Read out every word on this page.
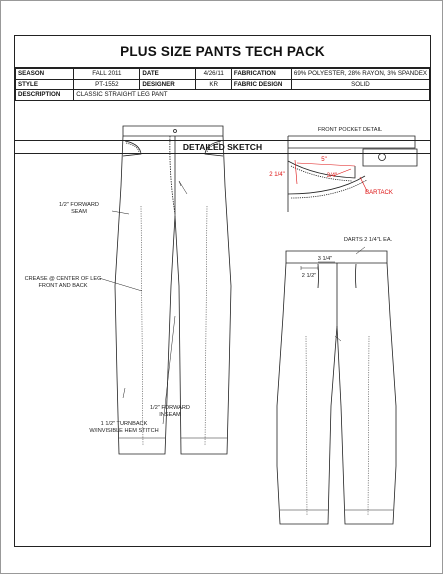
PLUS SIZE PANTS TECH PACK
SEASON	FALL 2011	DATE	4/26/11	FABRICATION	69% POLYESTER, 28% RAYON, 3% SPANDEX
STYLE	PT-1552	DESIGNER	KR	FABRIC DESIGN	SOLID
DESCRIPTION	CLASSIC STRAIGHT LEG PANT				
DETAILED SKETCH
1/2" FORWARD
SEAM
CREASE @ CENTER OF LEG
FRONT AND BACK
1/2" FORWARD
INSEAM
1 1/2" TURNBACK
W/INVISIBLE HEM STITCH
FRONT POCKET DETAIL
5"
2 1/4"	3/4"
BARTACK
DARTS 2 1/4"L EA.
3 1/4"
2 1/2"
